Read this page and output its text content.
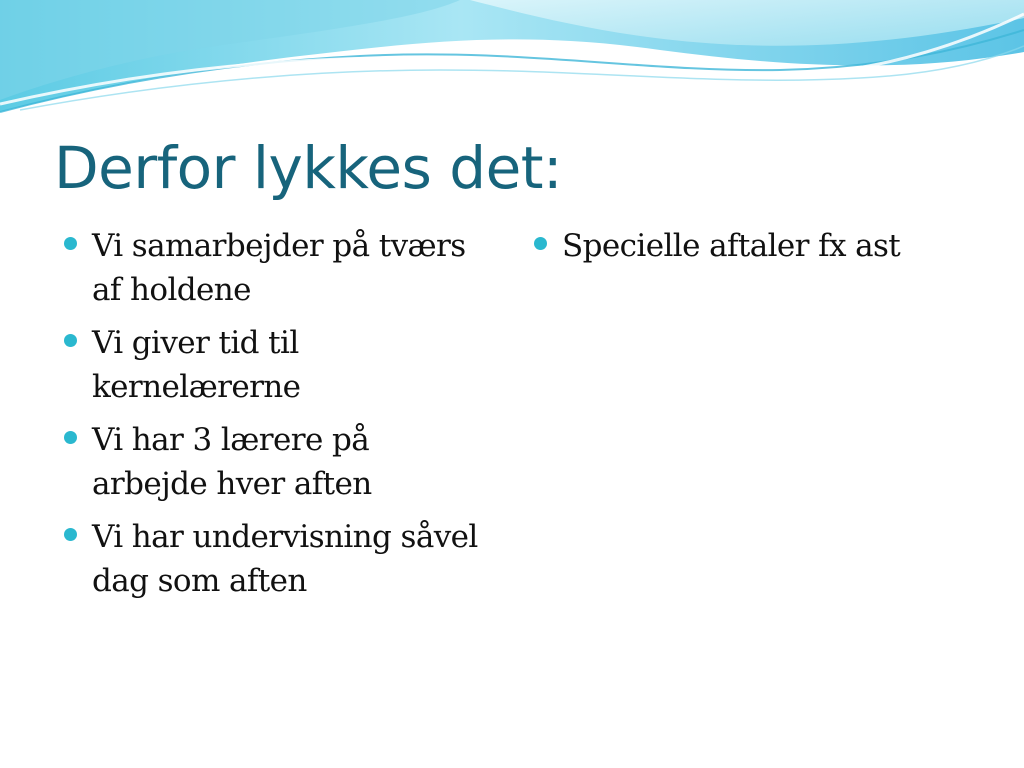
Derfor lykkes det:
Vi samarbejder på tværs af holdene
Vi giver tid til kernelærerne
Vi har 3 lærere på arbejde hver aften
Vi har undervisning såvel dag som aften
Specielle aftaler fx ast
